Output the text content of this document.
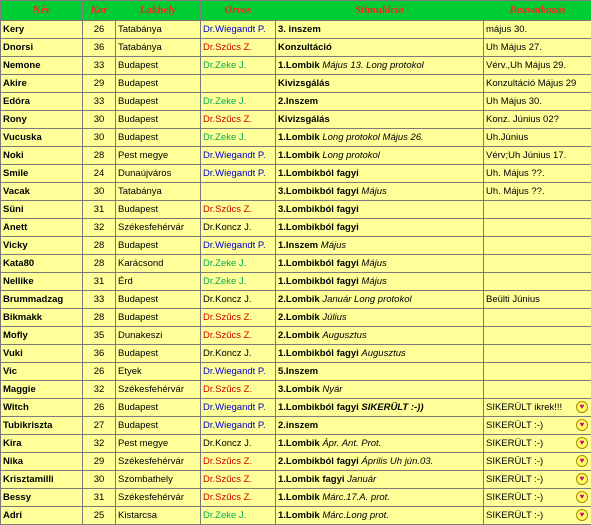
Név	Kor	Lakhely	Orvos	Stimuláció	Beavatkozás
Kery	26	Tatabánya	Dr.Wiegandt P.	3. inszem	május 30.
Dnorsi	36	Tatabánya	Dr.Szűcs Z.	Konzultáció	Uh Május 27.
Nemone	33	Budapest	Dr.Zeke J.	1.Lombik Május 13. Long protokol	Vérv.,Uh Május 29.
Akire	29	Budapest		Kivizsgálás	Konzultáció Május 29
Edóra	33	Budapest	Dr.Zeke J.	2.Inszem	Uh Május 30.
Rony	30	Budapest	Dr.Szűcs Z.	Kivizsgálás	Konz. Június 02?
Vucuska	30	Budapest	Dr.Zeke J.	1.Lombik Long protokol Május 26.	Uh.Június
Noki	28	Pest megye	Dr.Wiegandt P.	1.Lombik Long protokol	Vérv;Uh Június 17.
Smile	24	Dunaújváros	Dr.Wiegandt P.	1.Lombikból fagyi	Uh. Május ??.
Vacak	30	Tatabánya		3.Lombikból fagyi Május	Uh. Május ??.
Süni	31	Budapest	Dr.Szűcs Z.	3.Lombikból fagyi	
Anett	32	Székesfehérvár	Dr.Koncz J.	1.Lombikból fagyi	
Vicky	28	Budapest	Dr.Wiegandt P.	1.Inszem Május	
Kata80	28	Karácsond	Dr.Zeke J.	1.Lombikból fagyi Május	
Nellike	31	Érd	Dr.Zeke J.	1.Lombikból fagyi Május	
Brummadzag	33	Budapest	Dr.Koncz J.	2.Lombik Január Long protokol	Beülti Június
Bikmakk	28	Budapest	Dr.Szűcs Z.	2.Lombik Július	
Mofly	35	Dunakeszi	Dr.Szűcs Z.	2.Lombik Augusztus	
Vuki	36	Budapest	Dr.Koncz J.	1.Lombikból fagyi Augusztus	
Vic	26	Etyek	Dr.Wiegandt P.	5.Inszem	
Maggie	32	Székesfehérvár	Dr.Szűcs Z.	3.Lombik Nyár	
Witch	26	Budapest	Dr.Wiegandt P.	1.Lombikból fagyi SIKERÜLT :-))	SIKERÜLT ikrek!!! ♥

Tubikriszta	27	Budapest	Dr.Wiegandt P.	2.inszem	SIKERÜLT :-) ♥

Kira	32	Pest megye	Dr.Koncz J.	1.Lombik Ápr. Ant. Prot.	SIKERÜLT :-) ♥

Nika	29	Székesfehérvár	Dr.Szűcs Z.	2.Lombikból fagyi Április Uh jún.03.	SIKERÜLT :-) ♥

Krisztamilli	30	Szombathely	Dr.Szűcs Z.	1.Lombik fagyi Január	SIKERÜLT :-) ♥

Bessy	31	Székesfehérvár	Dr.Szűcs Z.	1.Lombik Márc.17.A. prot.	SIKERÜLT :-) ♥

Adri	25	Kistarcsa	Dr.Zeke J.	1.Lombik Márc.Long prot.	SIKERÜLT :-) ♥
